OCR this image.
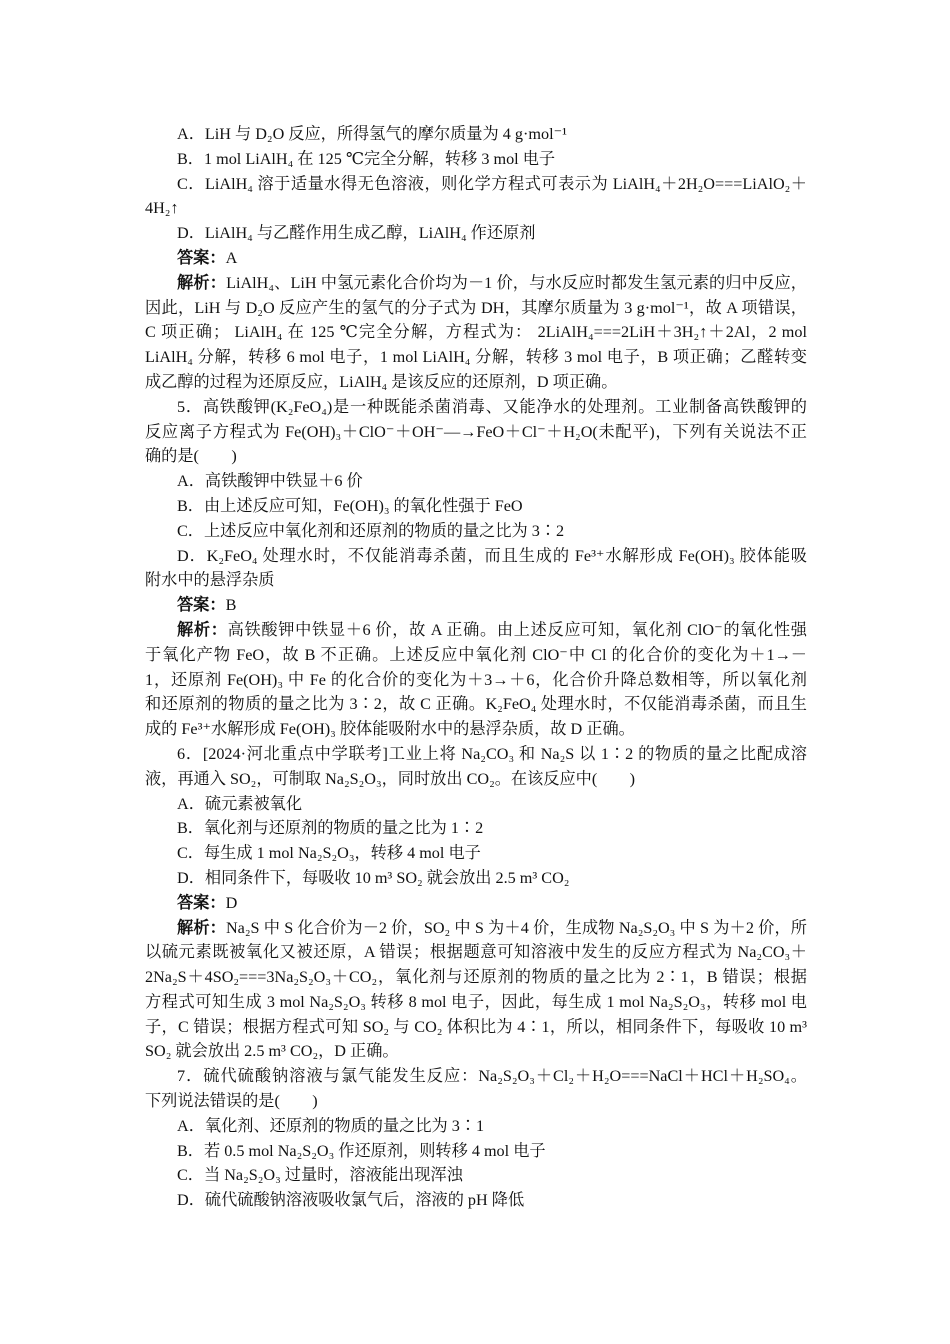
A．LiH 与 D₂O 反应，所得氢气的摩尔质量为 4 g·mol⁻¹
B．1 mol LiAlH₄ 在 125 ℃完全分解，转移 3 mol 电子
C．LiAlH₄ 溶于适量水得无色溶液，则化学方程式可表示为 LiAlH₄＋2H₂O===LiAlO₂＋
4H₂↑
D．LiAlH₄ 与乙醛作用生成乙醇，LiAlH₄ 作还原剂
答案：A
解析：LiAlH₄、LiH 中氢元素化合价均为－1 价，与水反应时都发生氢元素的归中反应，
因此，LiH 与 D₂O 反应产生的氢气的分子式为 DH，其摩尔质量为 3 g·mol⁻¹，故 A 项错误，
C 项正确； LiAlH₄ 在 125 ℃完全分解，方程式为： 2LiAlH₄===2LiH＋3H₂↑＋2Al，2 mol
LiAlH₄ 分解，转移 6 mol 电子，1 mol LiAlH₄ 分解，转移 3 mol 电子，B 项正确；乙醛转变
成乙醇的过程为还原反应，LiAlH₄ 是该反应的还原剂，D 项正确。
5．高铁酸钾(K₂FeO₄)是一种既能杀菌消毒、又能净水的处理剂。工业制备高铁酸钾的
反应离子方程式为 Fe(OH)₃＋ClO⁻＋OH⁻―→FeO＋Cl⁻＋H₂O(未配平)，下列有关说法不正
确的是(　　)
A．高铁酸钾中铁显＋6 价
B．由上述反应可知，Fe(OH)₃ 的氧化性强于 FeO
C．上述反应中氧化剂和还原剂的物质的量之比为 3∶2
D．K₂FeO₄ 处理水时，不仅能消毒杀菌，而且生成的 Fe³⁺水解形成 Fe(OH)₃ 胶体能吸
附水中的悬浮杂质
答案：B
解析：高铁酸钾中铁显＋6 价，故 A 正确。由上述反应可知，氧化剂 ClO⁻的氧化性强
于氧化产物 FeO，故 B 不正确。上述反应中氧化剂 ClO⁻中 Cl 的化合价的变化为＋1→－
1，还原剂 Fe(OH)₃ 中 Fe 的化合价的变化为＋3→＋6，化合价升降总数相等，所以氧化剂
和还原剂的物质的量之比为 3∶2，故 C 正确。K₂FeO₄ 处理水时，不仅能消毒杀菌，而且生
成的 Fe³⁺水解形成 Fe(OH)₃ 胶体能吸附水中的悬浮杂质，故 D 正确。
6．[2024·河北重点中学联考]工业上将 Na₂CO₃ 和 Na₂S 以 1∶2 的物质的量之比配成溶
液，再通入 SO₂，可制取 Na₂S₂O₃，同时放出 CO₂。在该反应中(　　)
A．硫元素被氧化
B．氧化剂与还原剂的物质的量之比为 1∶2
C．每生成 1 mol Na₂S₂O₃，转移 4 mol 电子
D．相同条件下，每吸收 10 m³ SO₂ 就会放出 2.5 m³ CO₂
答案：D
解析：Na₂S 中 S 化合价为－2 价，SO₂ 中 S 为＋4 价，生成物 Na₂S₂O₃ 中 S 为＋2 价，所
以硫元素既被氧化又被还原，A 错误；根据题意可知溶液中发生的反应方程式为 Na₂CO₃＋
2Na₂S＋4SO₂===3Na₂S₂O₃＋CO₂，氧化剂与还原剂的物质的量之比为 2∶1，B 错误；根据
方程式可知生成 3 mol Na₂S₂O₃ 转移 8 mol 电子，因此，每生成 1 mol Na₂S₂O₃，转移 mol 电
子，C 错误；根据方程式可知 SO₂ 与 CO₂ 体积比为 4∶1，所以，相同条件下，每吸收 10 m³
SO₂ 就会放出 2.5 m³ CO₂，D 正确。
7．硫代硫酸钠溶液与氯气能发生反应：Na₂S₂O₃＋Cl₂＋H₂O===NaCl＋HCl＋H₂SO₄。
下列说法错误的是(　　)
A．氧化剂、还原剂的物质的量之比为 3∶1
B．若 0.5 mol Na₂S₂O₃ 作还原剂，则转移 4 mol 电子
C．当 Na₂S₂O₃ 过量时，溶液能出现浑浊
D．硫代硫酸钠溶液吸收氯气后，溶液的 pH 降低
